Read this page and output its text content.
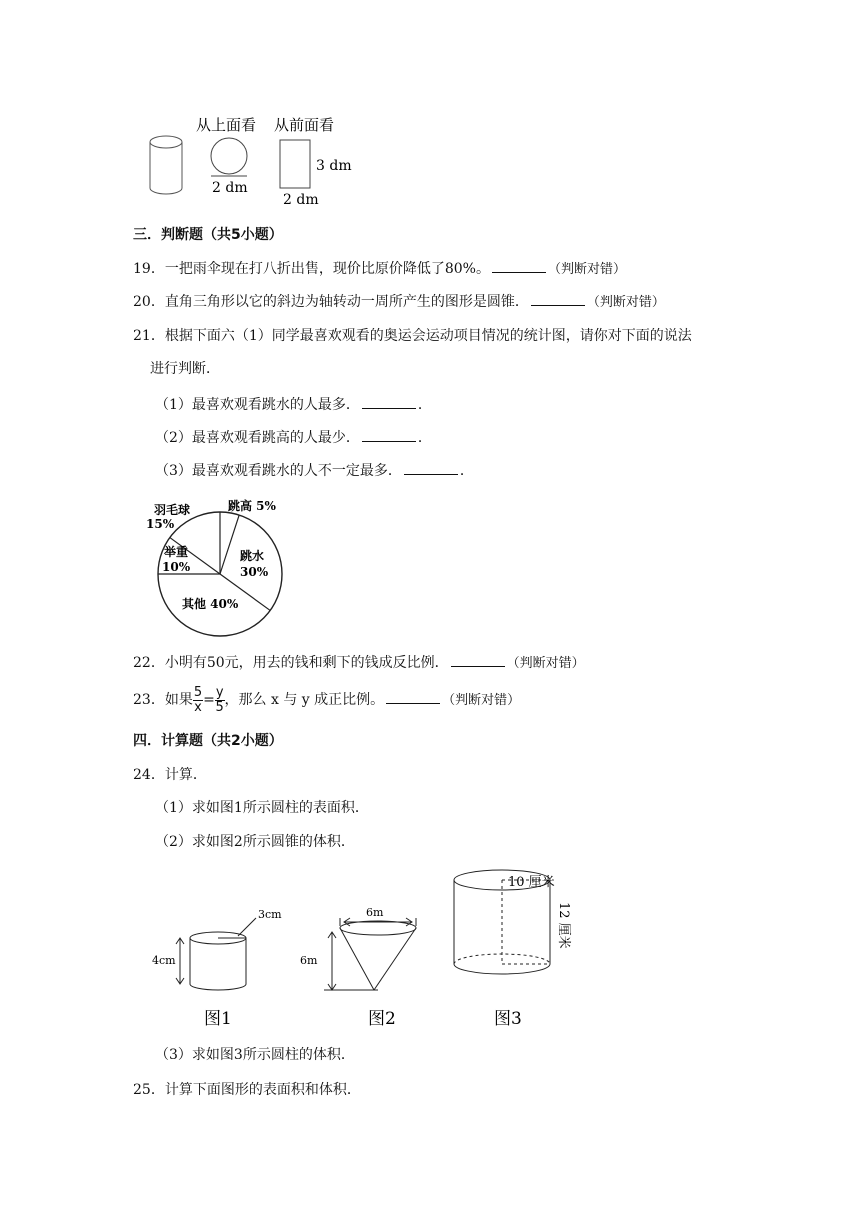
从上面看 从前面看
2 dm
3 dm
2 dm
三．判断题（共5小题）
19．一把雨伞现在打八折出售，现价比原价降低了80%。	（判断对错）
20．直角三角形以它的斜边为轴转动一周所产生的图形是圆锥．	（判断对错）
21．根据下面六（1）同学最喜欢观看的奥运会运动项目情况的统计图，请你对下面的说法
进行判断．
（1）最喜欢观看跳水的人最多．	．
（2）最喜欢观看跳高的人最少．	．
（3）最喜欢观看跳水的人不一定最多．	．
跳高 5%
跳水
30%
其他 40%
举重
10%
羽毛球
15%
22．小明有50元，用去的钱和剩下的钱成反比例．	（判断对错）
23．如果 $\frac{5}{x} = \frac{y}{5}$ ，那么 x 与 y 成正比例。	（判断对错）
四．计算题（共2小题）
24．计算．
（1）求如图1所示圆柱的表面积．
（2）求如图2所示圆锥的体积．
3cm
4cm
图1
6m
6m
图2
10 厘米
12 厘米
图3
（3）求如图3所示圆柱的体积．
25．计算下面图形的表面积和体积．
